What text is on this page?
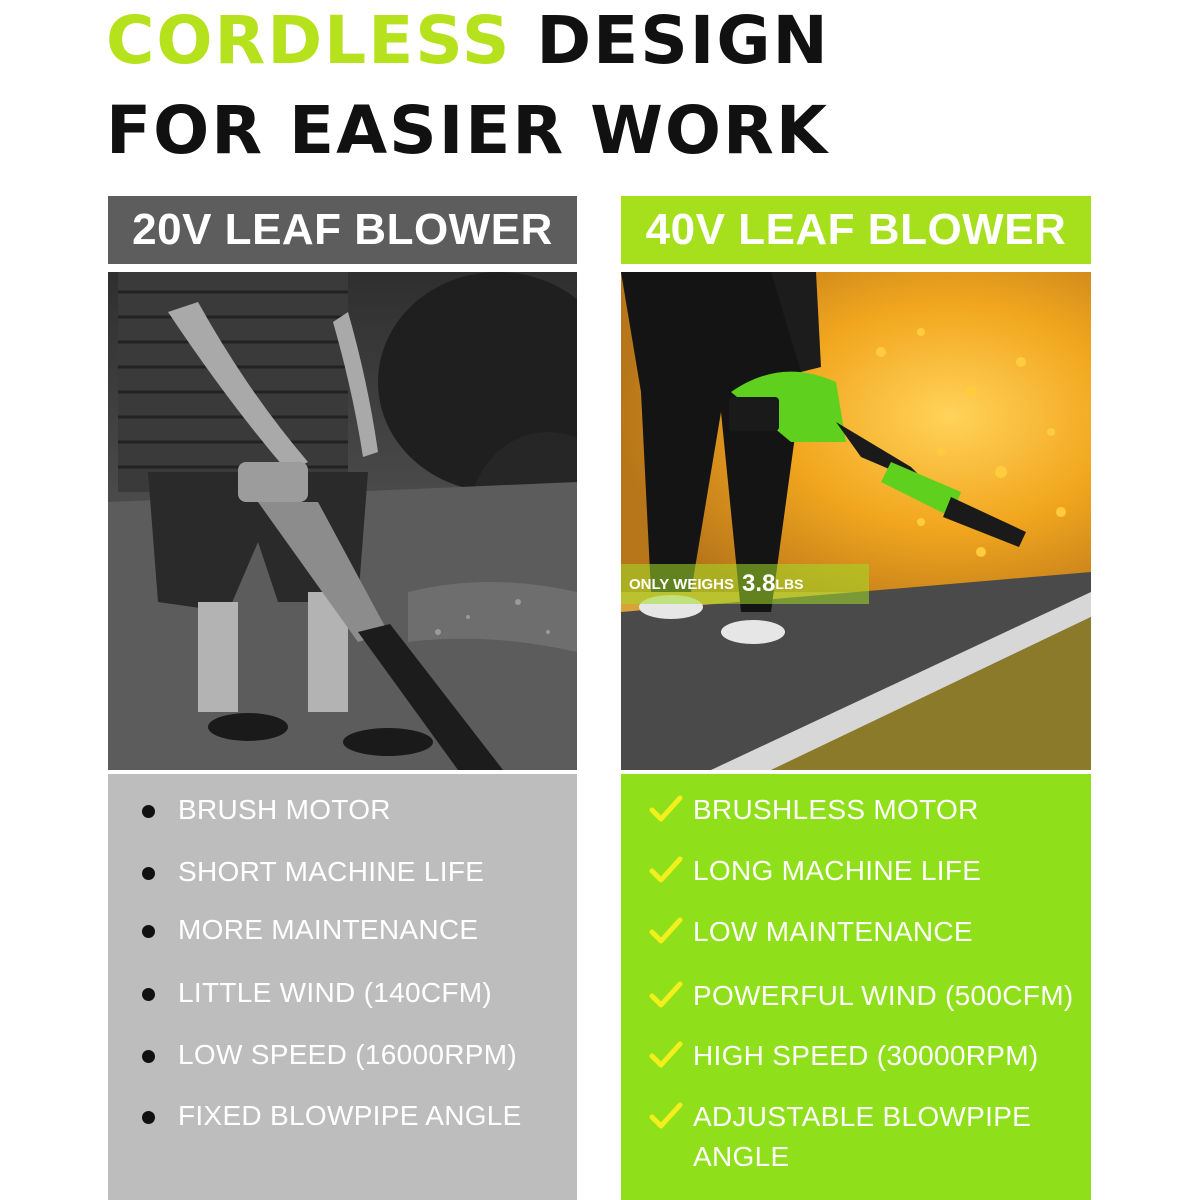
CORDLESS DESIGN
FOR EASIER WORK
20V LEAF BLOWER
BRUSH MOTOR
SHORT MACHINE LIFE
MORE MAINTENANCE
LITTLE WIND (140CFM)
LOW SPEED (16000RPM)
FIXED BLOWPIPE ANGLE
40V LEAF BLOWER
ONLY WEIGHS 3.8 LBS
BRUSHLESS MOTOR
LONG MACHINE LIFE
LOW MAINTENANCE
POWERFUL WIND (500CFM)
HIGH SPEED (30000RPM)
ADJUSTABLE BLOWPIPE
ANGLE
